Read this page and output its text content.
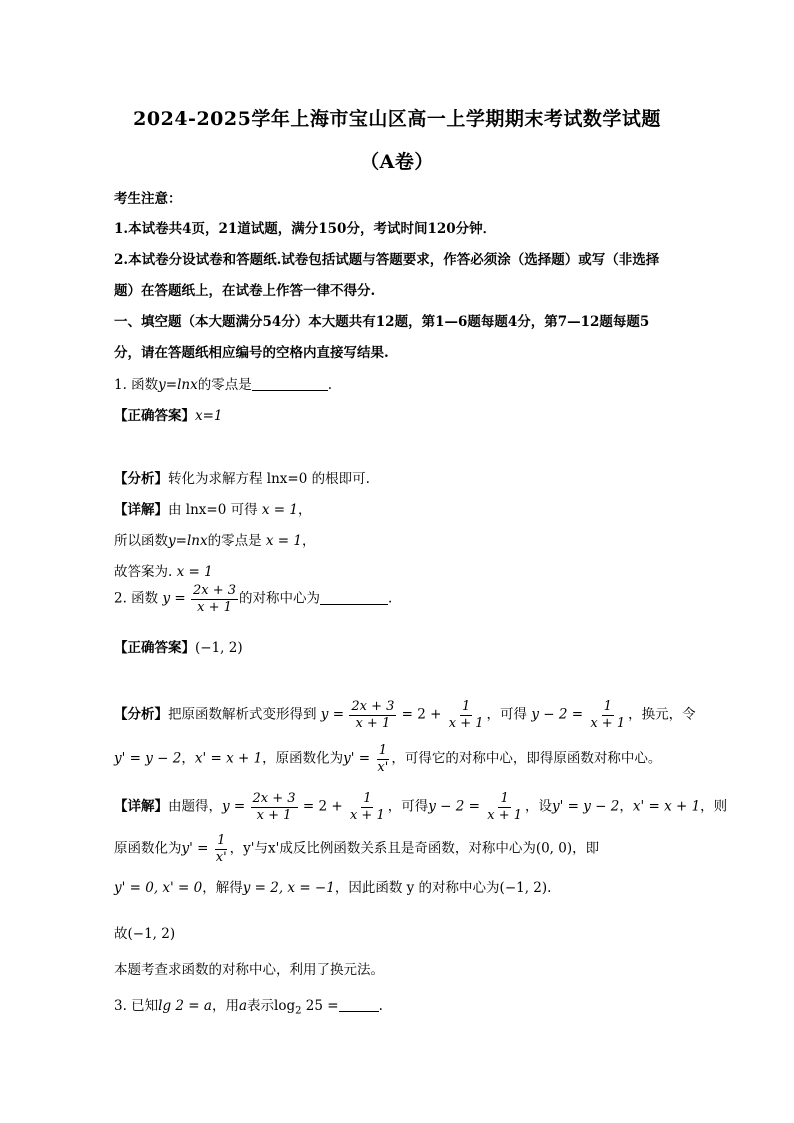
2024-2025学年上海市宝山区高一上学期期末考试数学试题
（A卷）
考生注意：
1.本试卷共4页，21道试题，满分150分，考试时间120分钟．
2.本试卷分设试卷和答题纸.试卷包括试题与答题要求，作答必须涂（选择题）或写（非选择
题）在答题纸上，在试卷上作答一律不得分.
一、填空题（本大题满分54分）本大题共有12题，第1—6题每题4分，第7—12题每题5
分，请在答题纸相应编号的空格内直接写结果.
1. 函数y=lnx的零点是	.
【正确答案】x=1
【分析】转化为求解方程 lnx=0 的根即可.
【详解】由 lnx=0 可得 x = 1，
所以函数y=lnx的零点是 x = 1，
故答案为. x = 1
2. 函数 $y = \frac{2x + 3}{x + 1}$ 的对称中心为	.
【正确答案】(−1, 2)
【分析】把原函数解析式变形得到 $y = \frac{2x + 3}{x + 1} = 2 + \frac{1}{x + 1}$ ，可得 $y - 2 = \frac{1}{x + 1}$ ，换元，令
y' = y − 2，x' = x + 1，原函数化为$y' = \frac{1}{x'}$ ，可得它的对称中心，即得原函数对称中心。
【详解】由题得，$y = \frac{2x + 3}{x + 1} = 2 + \frac{1}{x + 1}$ ，可得$y - 2 = \frac{1}{x + 1}$ ，设y' = y − 2，x' = x + 1，则
原函数化为$y' = \frac{1}{x'}$ ，y'与x'成反比例函数关系且是奇函数，对称中心为(0, 0)，即
y' = 0, x' = 0，解得y = 2, x = −1，因此函数 y 的对称中心为(−1, 2).
故(−1, 2)
本题考查求函数的对称中心，利用了换元法。
3. 已知lg 2 = a，用a表示$\log_2 25$ =	.
